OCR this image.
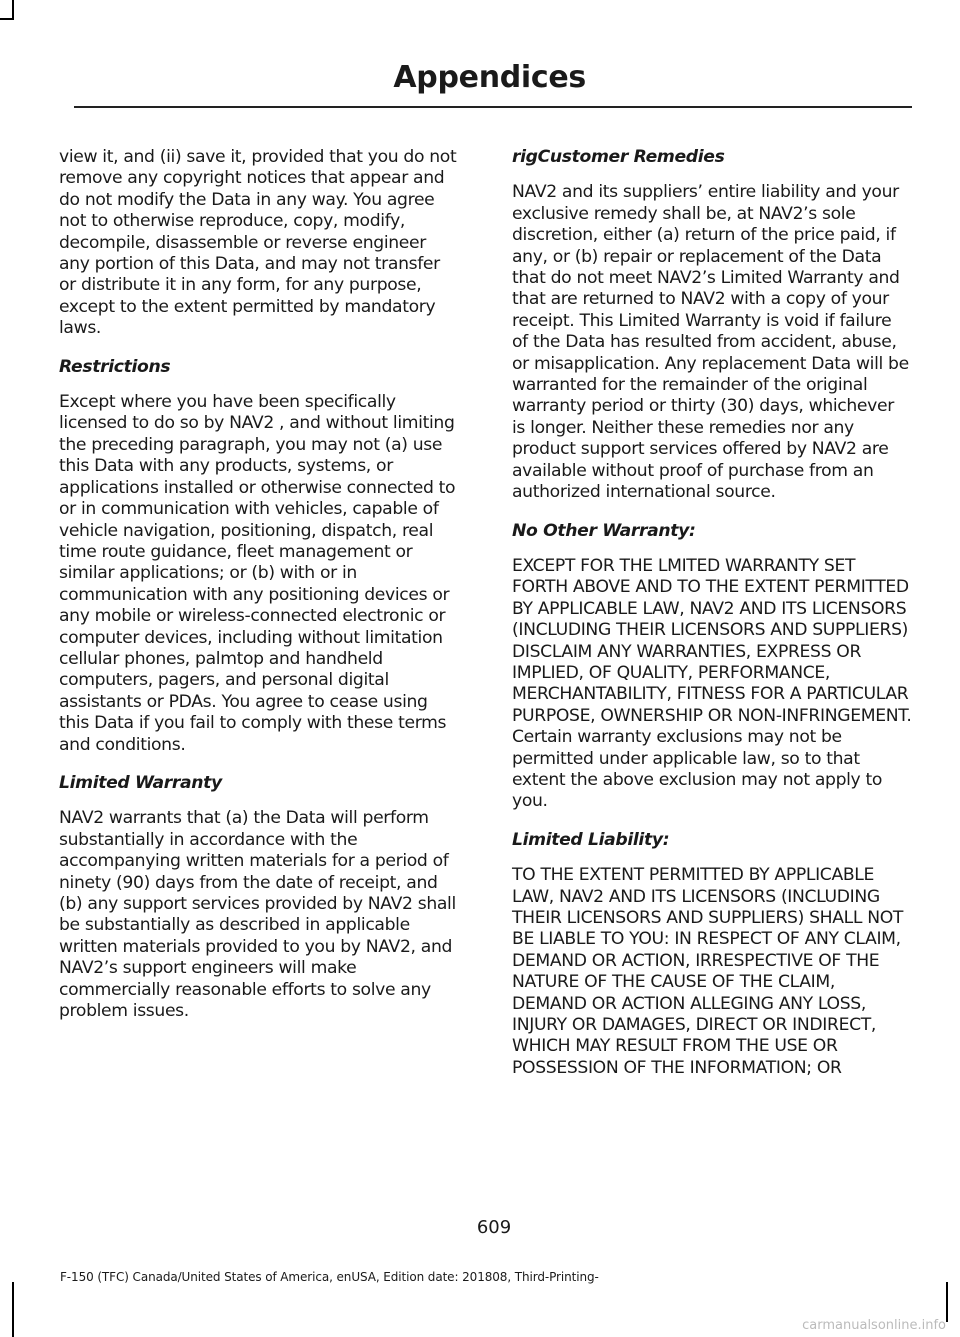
Appendices

view it, and (ii) save it, provided that you do not remove any copyright notices that appear and do not modify the Data in any way. You agree not to otherwise reproduce, copy, modify, decompile, disassemble or reverse engineer any portion of this Data, and may not transfer or distribute it in any form, for any purpose, except to the extent permitted by mandatory laws.

Restrictions

Except where you have been specifically licensed to do so by NAV2 , and without limiting the preceding paragraph, you may not (a) use this Data with any products, systems, or applications installed or otherwise connected to or in communication with vehicles, capable of vehicle navigation, positioning, dispatch, real time route guidance, fleet management or similar applications; or (b) with or in communication with any positioning devices or any mobile or wireless-connected electronic or computer devices, including without limitation cellular phones, palmtop and handheld computers, pagers, and personal digital assistants or PDAs. You agree to cease using this Data if you fail to comply with these terms and conditions.

Limited Warranty

NAV2 warrants that (a) the Data will perform substantially in accordance with the accompanying written materials for a period of ninety (90) days from the date of receipt, and (b) any support services provided by NAV2 shall be substantially as described in applicable written materials provided to you by NAV2, and NAV2’s support engineers will make commercially reasonable efforts to solve any problem issues.

rigCustomer Remedies

NAV2 and its suppliers’ entire liability and your exclusive remedy shall be, at NAV2’s sole discretion, either (a) return of the price paid, if any, or (b) repair or replacement of the Data that do not meet NAV2’s Limited Warranty and that are returned to NAV2 with a copy of your receipt. This Limited Warranty is void if failure of the Data has resulted from accident, abuse, or misapplication. Any replacement Data will be warranted for the remainder of the original warranty period or thirty (30) days, whichever is longer. Neither these remedies nor any product support services offered by NAV2 are available without proof of purchase from an authorized international source.

No Other Warranty:

EXCEPT FOR THE LMITED WARRANTY SET FORTH ABOVE AND TO THE EXTENT PERMITTED BY APPLICABLE LAW, NAV2 AND ITS LICENSORS (INCLUDING THEIR LICENSORS AND SUPPLIERS) DISCLAIM ANY WARRANTIES, EXPRESS OR IMPLIED, OF QUALITY, PERFORMANCE, MERCHANTABILITY, FITNESS FOR A PARTICULAR PURPOSE, OWNERSHIP OR NON-INFRINGEMENT. Certain warranty exclusions may not be permitted under applicable law, so to that extent the above exclusion may not apply to you.

Limited Liability:

TO THE EXTENT PERMITTED BY APPLICABLE LAW, NAV2 AND ITS LICENSORS (INCLUDING THEIR LICENSORS AND SUPPLIERS) SHALL NOT BE LIABLE TO YOU: IN RESPECT OF ANY CLAIM, DEMAND OR ACTION, IRRESPECTIVE OF THE NATURE OF THE CAUSE OF THE CLAIM, DEMAND OR ACTION ALLEGING ANY LOSS, INJURY OR DAMAGES, DIRECT OR INDIRECT, WHICH MAY RESULT FROM THE USE OR POSSESSION OF THE INFORMATION; OR

609
F-150 (TFC) Canada/United States of America, enUSA, Edition date: 201808, Third-Printing-
carmanualsonline.info
